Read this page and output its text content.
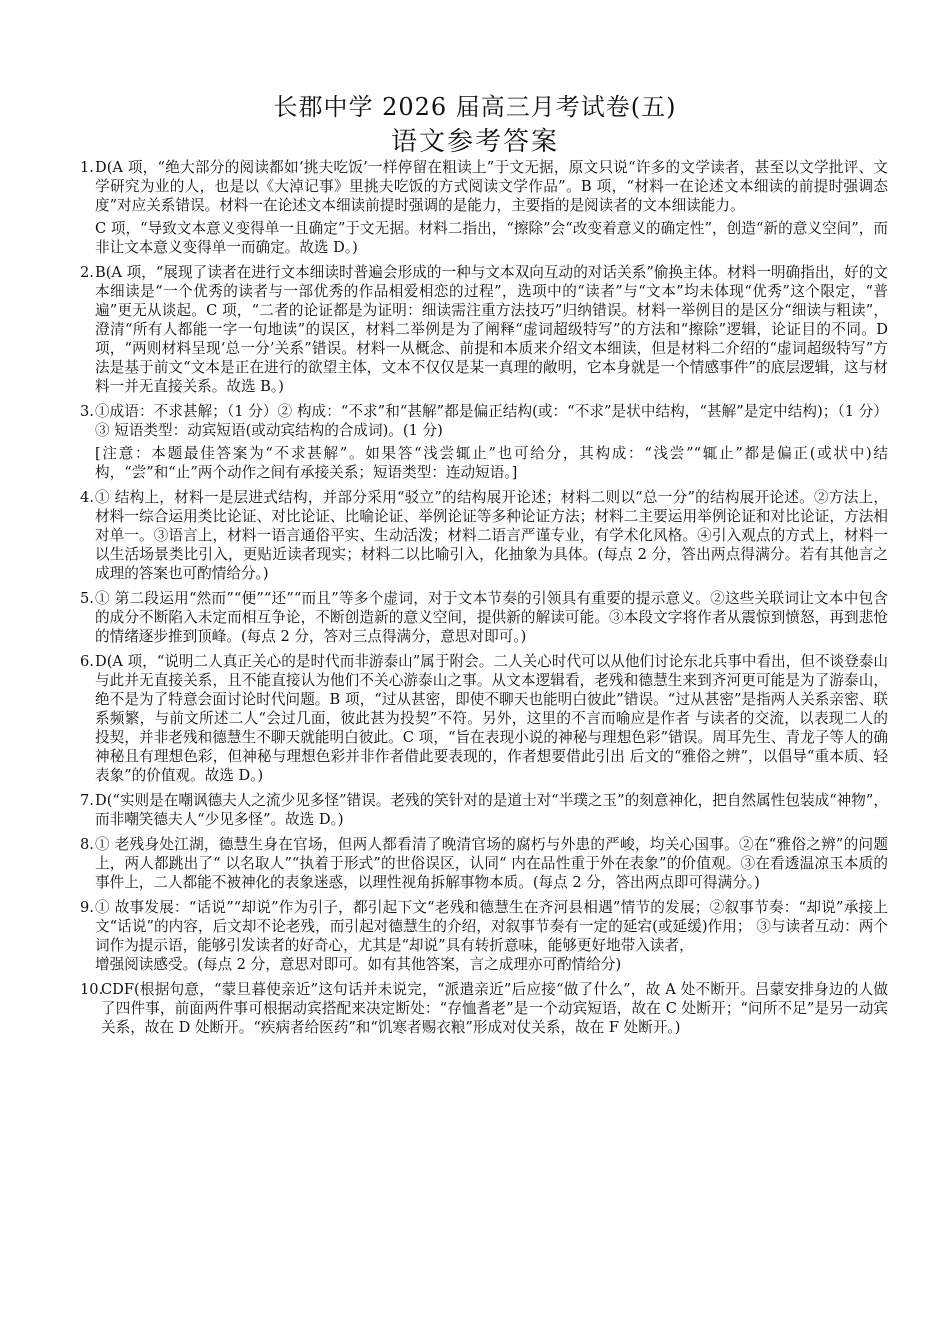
长郡中学 2026 届高三月考试卷(五)
语文参考答案
1. D(A 项，“绝大部分的阅读都如‘挑夫吃饭’一样停留在粗读上”于文无据，原文只说“许多的文学读者，甚至以文学批评、文学研究为业的人，也是以《大淖记事》里挑夫吃饭的方式阅读文学作品”。B 项，“材料一在论述文本细读的前提时强调态度”对应关系错误。材料一在论述文本细读前提时强调的是能力，主要指的是阅读者的文本细读能力。

C 项，“导致文本意义变得单一且确定”于文无据。材料二指出，“擦除”会“改变着意义的确定性”，创造“新的意义空间”，而非让文本意义变得单一而确定。故选 D。)

2. B(A 项，“展现了读者在进行文本细读时普遍会形成的一种与文本双向互动的对话关系”偷换主体。材料一明确指出，好的文本细读是“一个优秀的读者与一部优秀的作品相爱相恋的过程”，选项中的“读者”与“文本”均未体现“优秀”这个限定，“普遍”更无从谈起。C 项，“二者的论证都是为证明：细读需注重方法技巧”归纳错误。材料一举例目的是区分“细读与粗读”，澄清“所有人都能一字一句地读”的误区，材料二举例是为了阐释“虚词超级特写”的方法和“擦除”逻辑，论证目的不同。D 项，“两则材料呈现‘总一分’关系”错误。材料一从概念、前提和本质来介绍文本细读，但是材料二介绍的“虚词超级特写”方法是基于前文“文本是正在进行的欲望主体，文本不仅仅是某一真理的敞明，它本身就是一个情感事件”的底层逻辑，这与材料一并无直接关系。故选 B。)

3. ①成语：不求甚解；（1 分）② 构成：“不求”和“甚解”都是偏正结构(或：“不求”是状中结构，“甚解”是定中结构)；（1 分）③ 短语类型：动宾短语(或动宾结构的合成词)。(1 分)

[注意：本题最佳答案为“不求甚解”。如果答“浅尝辄止”也可给分，其构成：“浅尝”“辄止”都是偏正(或状中)结构，“尝”和“止”两个动作之间有承接关系；短语类型：连动短语。]

4. ① 结构上，材料一是层进式结构，并部分采用“驳立”的结构展开论述；材料二则以“总一分”的结构展开论述。②方法上，材料一综合运用类比论证、对比论证、比喻论证、举例论证等多种论证方法；材料二主要运用举例论证和对比论证，方法相对单一。③语言上，材料一语言通俗平实、生动活泼；材料二语言严谨专业，有学术化风格。④引入观点的方式上，材料一以生活场景类比引入，更贴近读者现实；材料二以比喻引入，化抽象为具体。(每点 2 分，答出两点得满分。若有其他言之成理的答案也可酌情给分。)

5. ① 第二段运用“然而”“便”“还”“而且”等多个虚词，对于文本节奏的引领具有重要的提示意义。②这些关联词让文本中包含的成分不断陷入未定而相互争论，不断创造新的意义空间，提供新的解读可能。③本段文字将作者从震惊到愤怒，再到悲怆的情绪逐步推到顶峰。(每点 2 分，答对三点得满分，意思对即可。)

6. D(A 项，“说明二人真正关心的是时代而非游泰山”属于附会。二人关心时代可以从他们讨论东北兵事中看出，但不谈登泰山与此并无直接关系，且不能直接认为他们不关心游泰山之事。从文本逻辑看，老残和德慧生来到齐河更可能是为了游泰山，绝不是为了特意会面讨论时代问题。B 项，“过从甚密，即使不聊天也能明白彼此”错误。“过从甚密”是指两人关系亲密、联系频繁，与前文所述二人“会过几面，彼此甚为投契”不符。另外，这里的不言而喻应是作者 与读者的交流，以表现二人的投契，并非老残和德慧生不聊天就能明白彼此。C 项，“旨在表现小说的神秘与理想色彩”错误。周耳先生、青龙子等人的确神秘且有理想色彩，但神秘与理想色彩并非作者借此要表现的，作者想要借此引出 后文的“雅俗之辨”，以倡导“重本质、轻表象”的价值观。故选 D。)

7. D(“实则是在嘲讽德夫人之流少见多怪”错误。老残的笑针对的是道士对“半璞之玉”的刻意神化，把自然属性包装成“神物”，而非嘲笑德夫人“少见多怪”。故选 D。)

8. ① 老残身处江湖，德慧生身在官场，但两人都看清了晚清官场的腐朽与外患的严峻，均关心国事。②在“雅俗之辨”的问题上，两人都跳出了“ 以名取人”“执着于形式”的世俗误区，认同“ 内在品性重于外在表象”的价值观。③在看透温凉玉本质的事件上，二人都能不被神化的表象迷惑，以理性视角拆解事物本质。(每点 2 分，答出两点即可得满分。)

9. ① 故事发展：“话说”“却说”作为引子，都引起下文“老残和德慧生在齐河县相遇”情节的发展；②叙事节奏：“却说”承接上文“话说”的内容，后文却不论老残，而引起对德慧生的介绍，对叙事节奏有一定的延宕(或延缓)作用； ③与读者互动：两个词作为提示语，能够引发读者的好奇心，尤其是“却说”具有转折意味，能够更好地带入读者，

增强阅读感受。(每点 2 分，意思对即可。如有其他答案，言之成理亦可酌情给分)

10.

CDF(根据句意，“蒙旦暮使亲近”这句话并未说完，“派遣亲近”后应接“做了什么”，故 A 处不断开。吕蒙安排身边的人做了四件事，前面两件事可根据动宾搭配来决定断处：“存恤耆老”是一个动宾短语，故在 C 处断开；“问所不足”是另一动宾关系，故在 D 处断开。“疾病者给医药”和“饥寒者赐衣粮”形成对仗关系，故在 F 处断开。)
